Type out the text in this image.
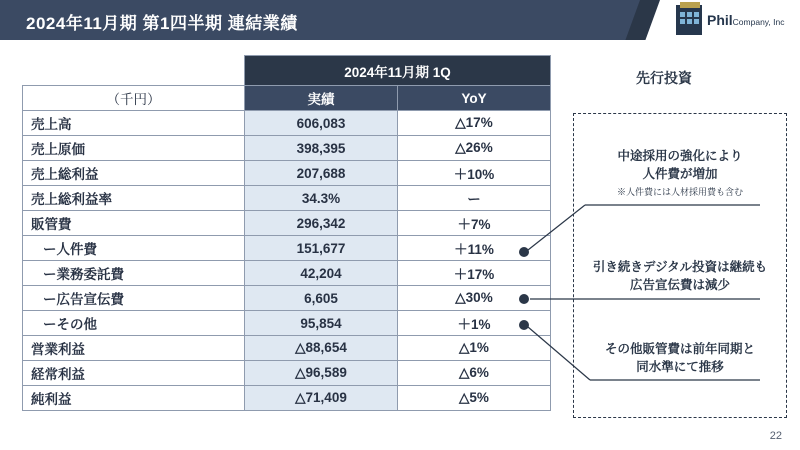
2024年11月期 第1四半期 連結業績	PhilCompany, Inc
	2024年11月期 1Q	
（千円）	実績	YoY
売上高	606,083	△17%
売上原価	398,395	△26%
売上総利益	207,688	＋10%
売上総利益率	34.3%	ー
販管費	296,342	＋7%
ー人件費	151,677	＋11%
ー業務委託費	42,204	＋17%
ー広告宣伝費	6,605	△30%
ーその他	95,854	＋1%
営業利益	△88,654	△1%
経常利益	△96,589	△6%
純利益	△71,409	△5%
先行投資
中途採用の強化により
人件費が増加
※人件費には人材採用費も含む
引き続きデジタル投資は継続も
広告宣伝費は減少
その他販管費は前年同期と
同水準にて推移
22
